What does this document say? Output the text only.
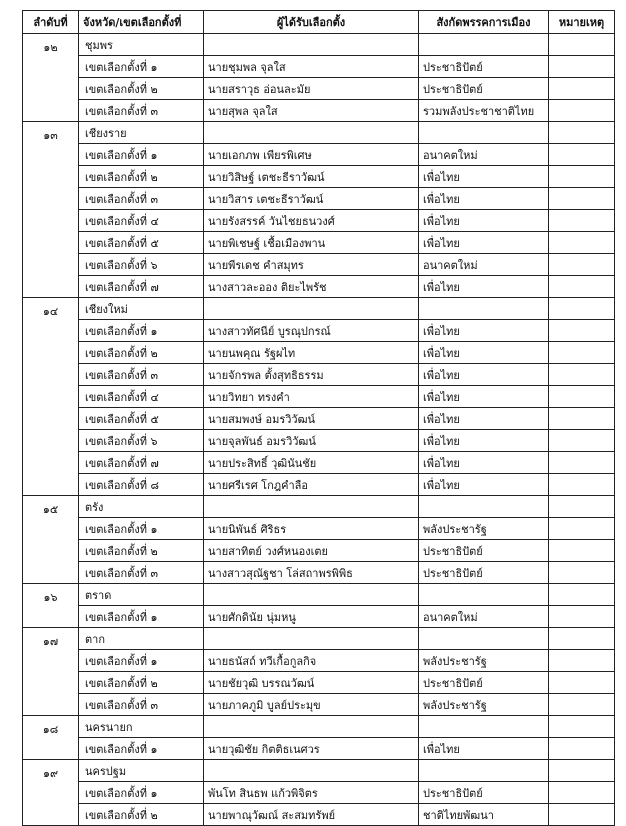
ลำดับที่	จังหวัด/เขตเลือกตั้งที่	ผู้ได้รับเลือกตั้ง	สังกัดพรรคการเมือง	หมายเหตุ
๑๒	ชุมพร			
	เขตเลือกตั้งที่ ๑	นายชุมพล จุลใส	ประชาธิปัตย์	
	เขตเลือกตั้งที่ ๒	นายสราวุธ อ่อนละมัย	ประชาธิปัตย์	
	เขตเลือกตั้งที่ ๓	นายสุพล จุลใส	รวมพลังประชาชาติไทย	
๑๓	เชียงราย			
	เขตเลือกตั้งที่ ๑	นายเอกภพ เพียรพิเศษ	อนาคตใหม่	
	เขตเลือกตั้งที่ ๒	นายวิสิษฐ์ เตชะธีราวัฒน์	เพื่อไทย	
	เขตเลือกตั้งที่ ๓	นายวิสาร เตชะธีราวัฒน์	เพื่อไทย	
	เขตเลือกตั้งที่ ๔	นายรังสรรค์ วันไชยธนวงศ์	เพื่อไทย	
	เขตเลือกตั้งที่ ๕	นายพิเชษฐ์ เชื้อเมืองพาน	เพื่อไทย	
	เขตเลือกตั้งที่ ๖	นายพีรเดช คำสมุทร	อนาคตใหม่	
	เขตเลือกตั้งที่ ๗	นางสาวละออง ติยะไพรัช	เพื่อไทย	
๑๔	เชียงใหม่			
	เขตเลือกตั้งที่ ๑	นางสาวทัศนีย์ บูรณุปกรณ์	เพื่อไทย	
	เขตเลือกตั้งที่ ๒	นายนพคุณ รัฐผไท	เพื่อไทย	
	เขตเลือกตั้งที่ ๓	นายจักรพล ตั้งสุทธิธรรม	เพื่อไทย	
	เขตเลือกตั้งที่ ๔	นายวิทยา ทรงคำ	เพื่อไทย	
	เขตเลือกตั้งที่ ๕	นายสมพงษ์ อมรวิวัฒน์	เพื่อไทย	
	เขตเลือกตั้งที่ ๖	นายจุลพันธ์ อมรวิวัฒน์	เพื่อไทย	
	เขตเลือกตั้งที่ ๗	นายประสิทธิ์ วุฒินันชัย	เพื่อไทย	
	เขตเลือกตั้งที่ ๘	นายศรีเรศ โกฎคำลือ	เพื่อไทย	
๑๕	ตรัง			
	เขตเลือกตั้งที่ ๑	นายนิพันธ์ ศิริธร	พลังประชารัฐ	
	เขตเลือกตั้งที่ ๒	นายสาทิตย์ วงศ์หนองเตย	ประชาธิปัตย์	
	เขตเลือกตั้งที่ ๓	นางสาวสุณัฐชา โล่สถาพรพิพิธ	ประชาธิปัตย์	
๑๖	ตราด			
	เขตเลือกตั้งที่ ๑	นายศักดินัย นุ่มหนู	อนาคตใหม่	
๑๗	ตาก			
	เขตเลือกตั้งที่ ๑	นายธนัสถ์ ทวีเกื้อกูลกิจ	พลังประชารัฐ	
	เขตเลือกตั้งที่ ๒	นายชัยวุฒิ บรรณวัฒน์	ประชาธิปัตย์	
	เขตเลือกตั้งที่ ๓	นายภาคภูมิ บูลย์ประมุข	พลังประชารัฐ	
๑๘	นครนายก			
	เขตเลือกตั้งที่ ๑	นายวุฒิชัย กิตติธเนศวร	เพื่อไทย	
๑๙	นครปฐม			
	เขตเลือกตั้งที่ ๑	พันโท สินธพ แก้วพิจิตร	ประชาธิปัตย์	
	เขตเลือกตั้งที่ ๒	นายพาณุวัฒณ์ สะสมทรัพย์	ชาติไทยพัฒนา	
